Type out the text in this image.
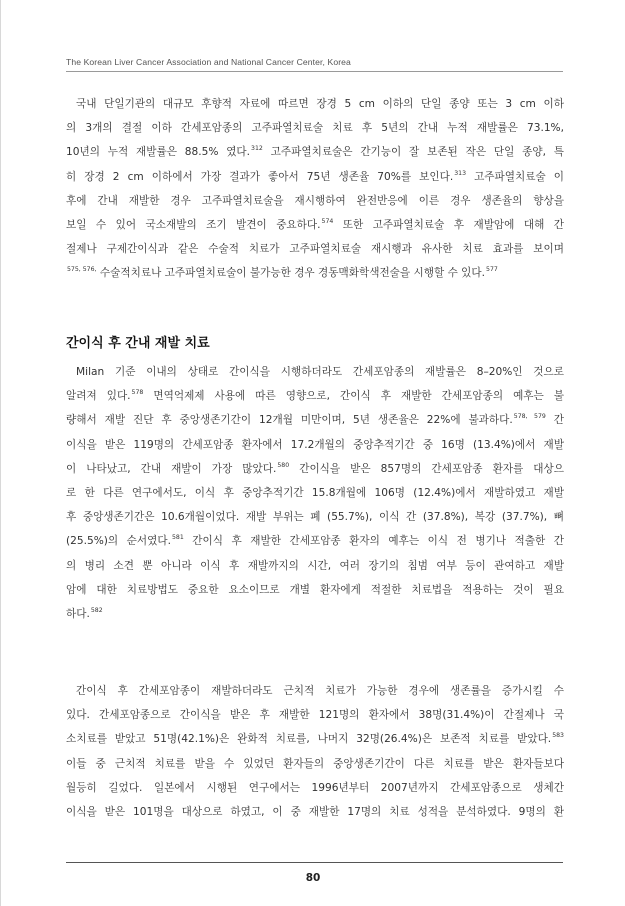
The Korean Liver Cancer Association and National Cancer Center, Korea
국내 단일기관의 대규모 후향적 자료에 따르면 장경 5 cm 이하의 단일 종양 또는 3 cm 이하
의 3개의 결절 이하 간세포암종의 고주파열치료술 치료 후 5년의 간내 누적 재발률은 73.1%,
10년의 누적 재발률은 88.5% 였다.$^{312}$ 고주파열치료술은 간기능이 잘 보존된 작은 단일 종양, 특
히 장경 2 cm 이하에서 가장 결과가 좋아서 75년 생존율 70%를 보인다.$^{313}$ 고주파열치료술 이
후에 간내 재발한 경우 고주파열치료술을 재시행하여 완전반응에 이른 경우 생존율의 향상을
보일 수 있어 국소재발의 조기 발견이 중요하다.$^{574}$ 또한 고주파열치료술 후 재발암에 대해 간
절제나 구제간이식과 같은 수술적 치료가 고주파열치료술 재시행과 유사한 치료 효과를 보이며
$^{575, 576,}$ 수술적치료나 고주파열치료술이 불가능한 경우 경동맥화학색전술을 시행할 수 있다.$^{577}$
간이식 후 간내 재발 치료
Milan 기준 이내의 상태로 간이식을 시행하더라도 간세포암종의 재발률은 8–20%인 것으로
알려져 있다.$^{578}$ 면역억제제 사용에 따른 영향으로, 간이식 후 재발한 간세포암종의 예후는 불
량해서 재발 진단 후 중앙생존기간이 12개월 미만이며, 5년 생존율은 22%에 불과하다.$^{578, 579}$ 간
이식을 받은 119명의 간세포암종 환자에서 17.2개월의 중앙추적기간 중 16명 (13.4%)에서 재발
이 나타났고, 간내 재발이 가장 많았다.$^{580}$ 간이식을 받은 857명의 간세포암종 환자를 대상으
로 한 다른 연구에서도, 이식 후 중앙추적기간 15.8개월에 106명 (12.4%)에서 재발하였고 재발
후 중앙생존기간은 10.6개월이었다. 재발 부위는 폐 (55.7%), 이식 간 (37.8%), 복강 (37.7%), 뼈
(25.5%)의 순서였다.$^{581}$ 간이식 후 재발한 간세포암종 환자의 예후는 이식 전 병기나 적출한 간
의 병리 소견 뿐 아니라 이식 후 재발까지의 시간, 여러 장기의 침범 여부 등이 관여하고 재발
암에 대한 치료방법도 중요한 요소이므로 개별 환자에게 적절한 치료법을 적용하는 것이 필요
하다.$^{582}$
간이식 후 간세포암종이 재발하더라도 근치적 치료가 가능한 경우에 생존률을 증가시킬 수
있다. 간세포암종으로 간이식을 받은 후 재발한 121명의 환자에서 38명(31.4%)이 간절제나 국
소치료를 받았고 51명(42.1%)은 완화적 치료를, 나머지 32명(26.4%)은 보존적 치료를 받았다.$^{583}$
이들 중 근치적 치료를 받을 수 있었던 환자들의 중앙생존기간이 다른 치료를 받은 환자들보다
월등히 길었다. 일본에서 시행된 연구에서는 1996년부터 2007년까지 간세포암종으로 생체간
이식을 받은 101명을 대상으로 하였고, 이 중 재발한 17명의 치료 성적을 분석하였다. 9명의 환
80
